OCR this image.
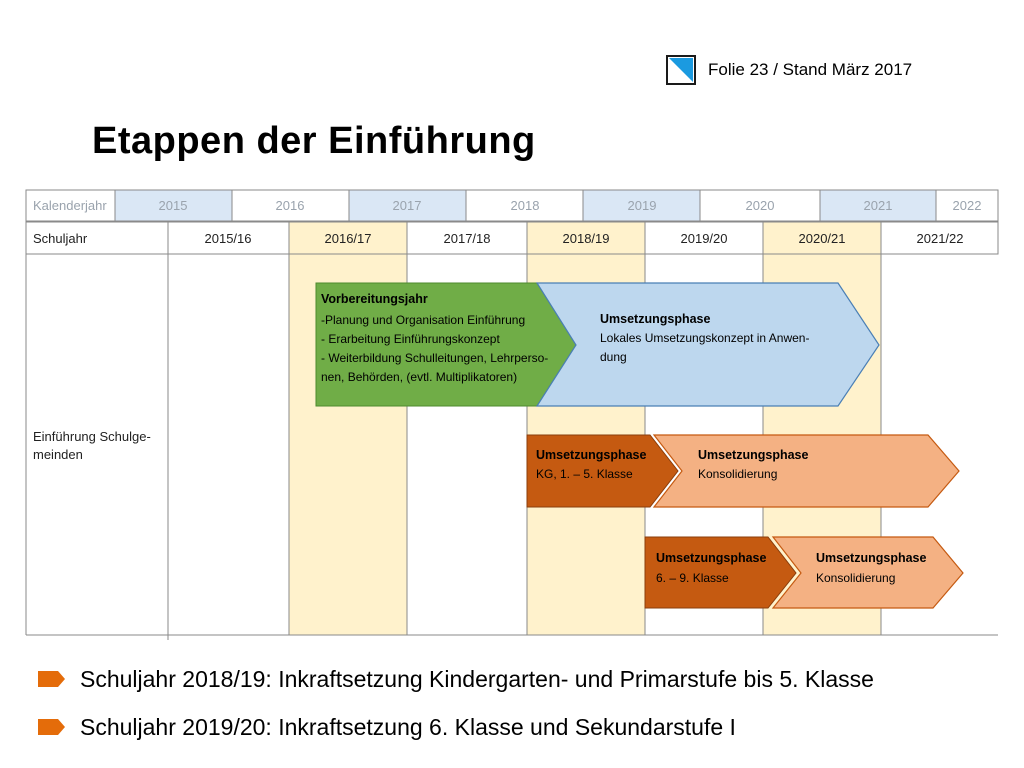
Folie 23 / Stand März 2017
Etappen der Einführung
Kalenderjahr	2015	2016	2017	2018	2019	2020	2021	2022
Schuljahr	2015/16	2016/17	2017/18	2018/19	2019/20	2020/21	2021/22
Einführung Schulge-
meinden
Vorbereitungsjahr
-Planung und Organisation Einführung
- Erarbeitung Einführungskonzept
- Weiterbildung Schulleitungen, Lehrperso-
nen, Behörden, (evtl. Multiplikatoren)
Umsetzungsphase
Lokales Umsetzungskonzept in Anwen-
dung
Umsetzungsphase
KG, 1. – 5. Klasse
Umsetzungsphase
Konsolidierung
Umsetzungsphase
6. – 9. Klasse
Umsetzungsphase
Konsolidierung
Schuljahr 2018/19: Inkraftsetzung Kindergarten- und Primarstufe bis 5. Klasse
Schuljahr 2019/20: Inkraftsetzung 6. Klasse und Sekundarstufe I
